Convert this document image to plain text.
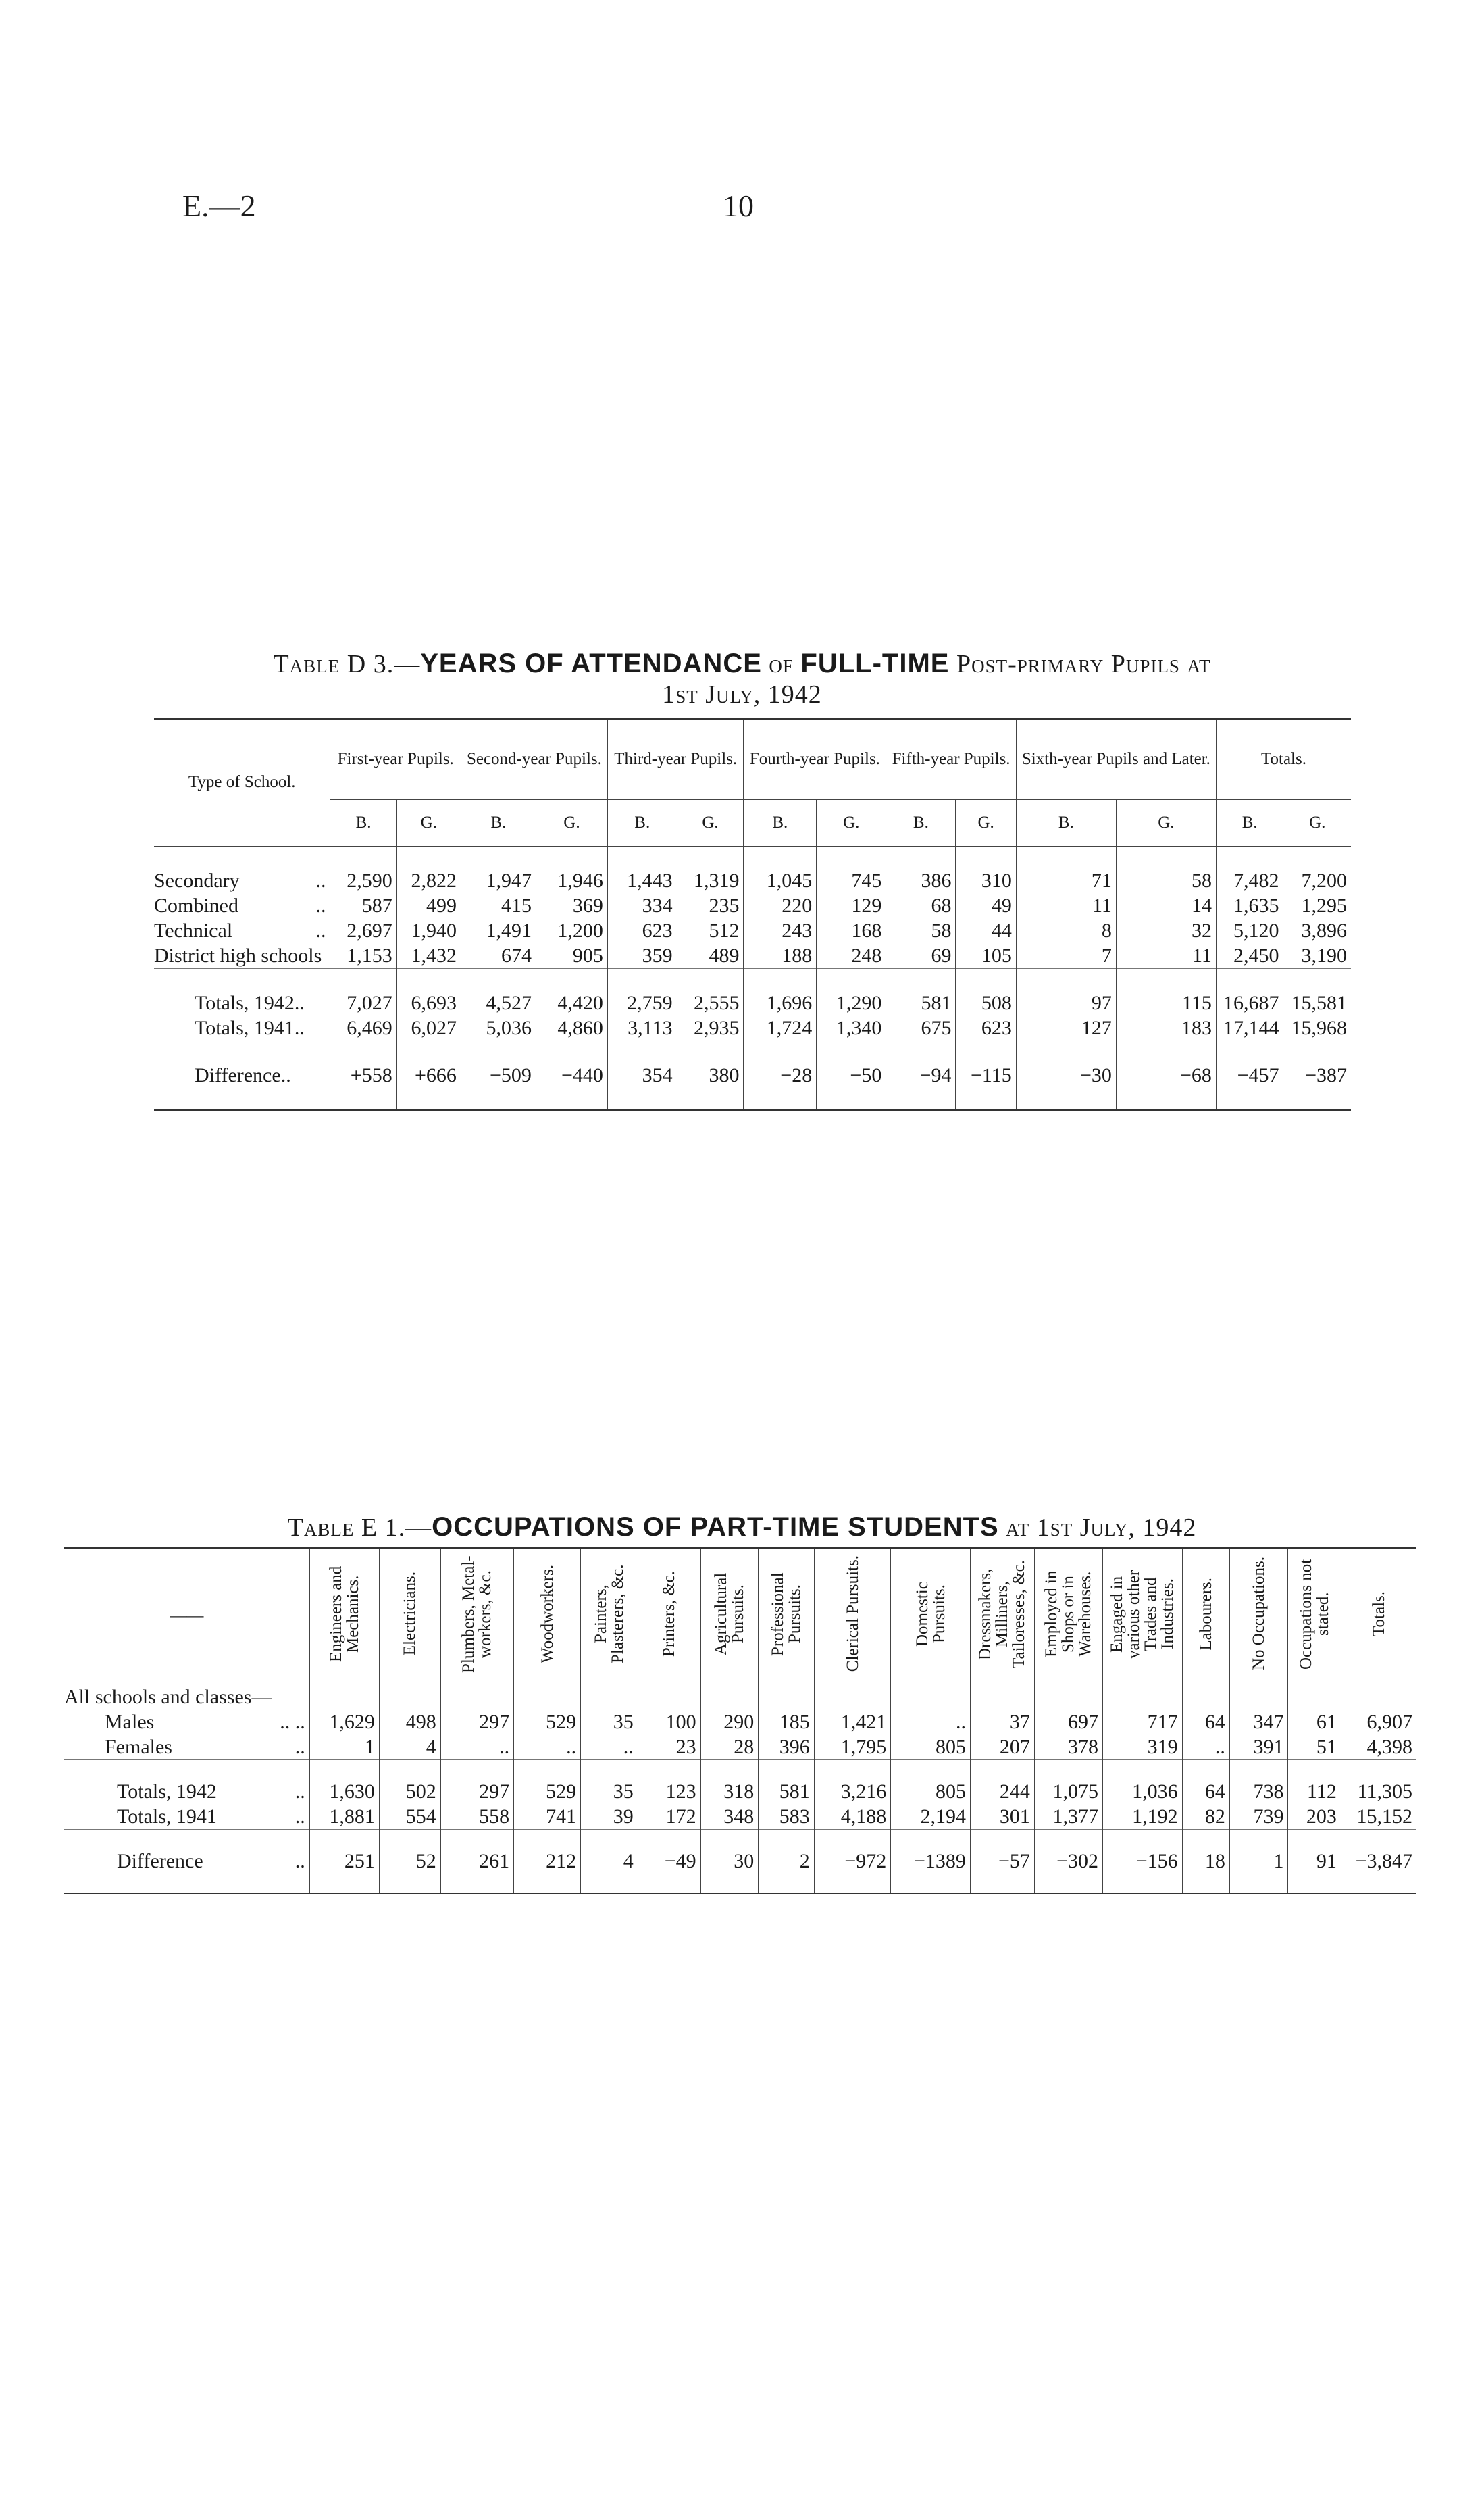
E.—2	10
Table D 3.—YEARS OF ATTENDANCE of FULL-TIME Post-primary Pupils at
1st July, 1942
Type of School.	First-year Pupils.		Second-year Pupils.		Third-year Pupils.		Fourth-year Pupils.		Fifth-year Pupils.		Sixth-year Pupils and Later.		Totals.	
	B.	G.	B.	G.	B.	G.	B.	G.	B.	G.	B.	G.	B.	G.

Secondary ..	2,590	2,822	1,947	1,946	1,443	1,319	1,045	745	386	310	71	58	7,482	7,200
Combined ..	587	499	415	369	334	235	220	129	68	49	11	14	1,635	1,295
Technical ..	2,697	1,940	1,491	1,200	623	512	243	168	58	44	8	32	5,120	3,896
District high schools	1,153	1,432	674	905	359	489	188	248	69	105	7	11	2,450	3,190

Totals, 1942..	7,027	6,693	4,527	4,420	2,759	2,555	1,696	1,290	581	508	97	115	16,687	15,581
Totals, 1941..	6,469	6,027	5,036	4,860	3,113	2,935	1,724	1,340	675	623	127	183	17,144	15,968

Difference..	+558	+666	−509	−440	354	380	−28	−50	−94	−115	−30	−68	−457	−387

Table E 1.—OCCUPATIONS OF PART-TIME STUDENTS at 1st July, 1942
——	Engineers and Mechanics.	Electricians.	Plumbers, Metal-workers, &c.	Woodworkers.	Painters, Plasterers, &c.	Printers, &c.	Agricultural Pursuits.	Professional Pursuits.	Clerical Pursuits.	Domestic Pursuits.	Dressmakers, Milliners, Tailoresses, &c.	Employed in Shops or in Warehouses.	Engaged in various other Trades and Industries.	Labourers.	No Occupations.	Occupations not stated.	Totals.
All schools and classes—																	
Males .. ..	1,629	498	297	529	35	100	290	185	1,421	..	37	697	717	64	347	61	6,907
Females ..	1	4	..	..	..	23	28	396	1,795	805	207	378	319	..	391	51	4,398

Totals, 1942 ..	1,630	502	297	529	35	123	318	581	3,216	805	244	1,075	1,036	64	738	112	11,305
Totals, 1941 ..	1,881	554	558	741	39	172	348	583	4,188	2,194	301	1,377	1,192	82	739	203	15,152

Difference ..	251	52	261	212	4	−49	30	2	−972	−1389	−57	−302	−156	18	1	91	−3,847
